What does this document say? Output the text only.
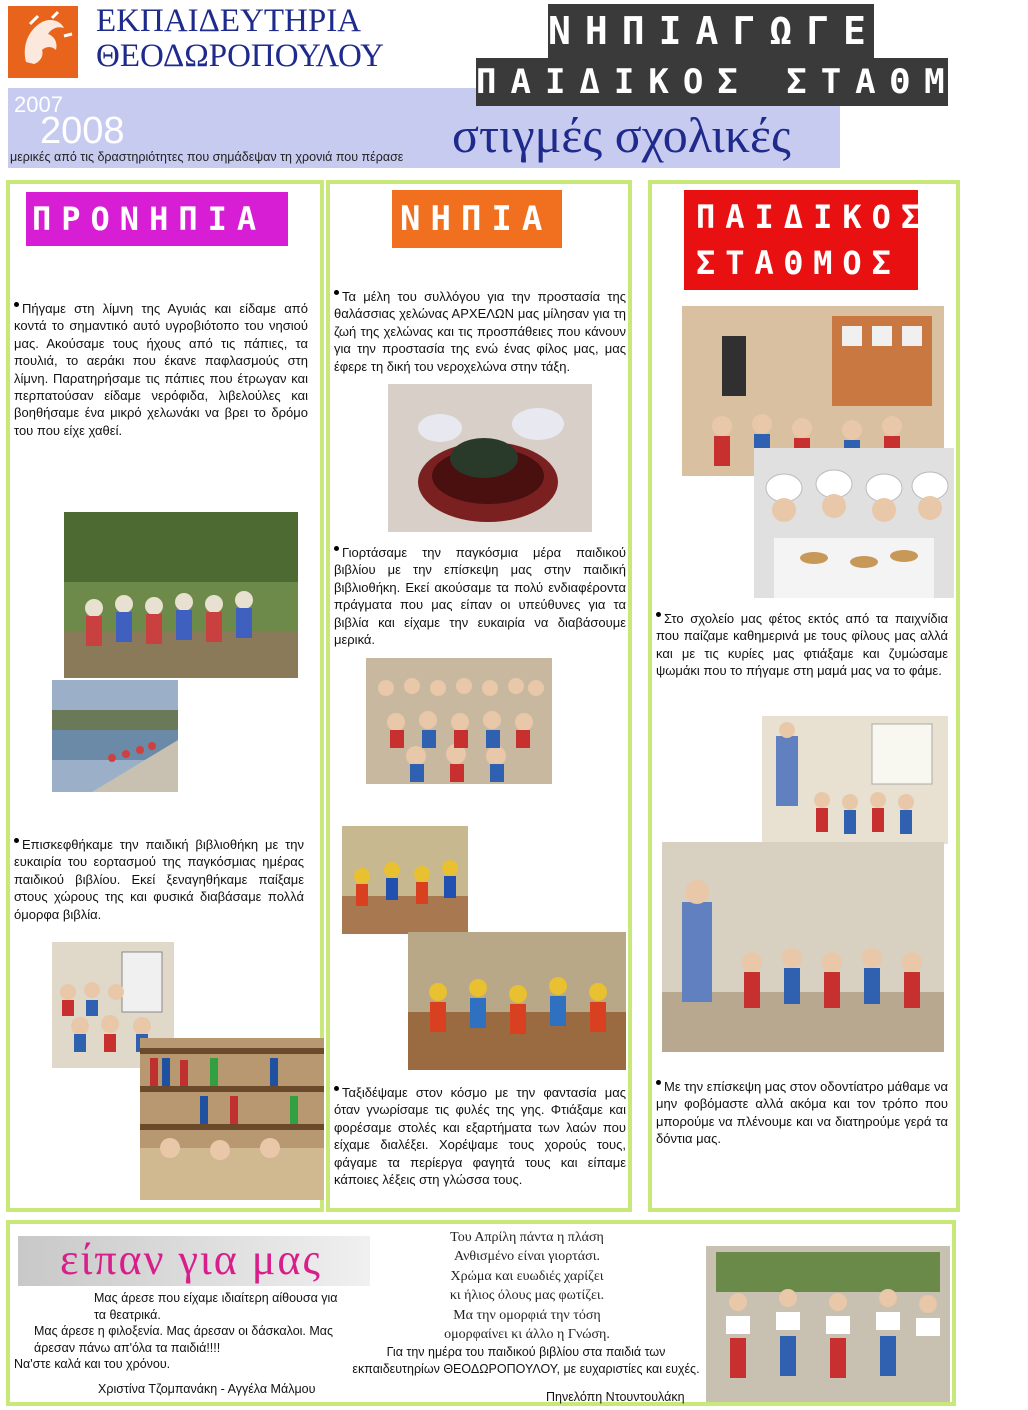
ΕΚΠΑΙΔΕΥΤΗΡΙΑ
ΘΕΟΔΩΡΟΠΟΥΛΟΥ
2007
2008
μερικές από τις δραστηριότητες που σημάδεψαν τη χρονιά που πέρασε στιγμές σχολικές
ΝΗΠΙΑΓΩΓΕΙΟ
ΠΑΙΔΙΚΟΣ ΣΤΑΘΜΟΣ
ΠΡΟΝΗΠΙΑ	ΝΗΠΙΑ	ΠΑΙΔΙΚΟΣ
ΣΤΑΘΜΟΣ
Πήγαμε στη λίμνη της Αγυιάς και είδαμε από κοντά το σημαντικό αυτό υγροβιότοπο του νησιού μας. Ακούσαμε τους ήχους από τις πάπιες, τα πουλιά, το αεράκι που έκανε παφλασμούς στη λίμνη. Παρατηρήσαμε τις πάπιες που έτρωγαν και περπατούσαν είδαμε νερόφιδα, λιβελούλες και βοηθήσαμε ένα μικρό χελωνάκι να βρει το δρόμο του που είχε χαθεί.
Επισκεφθήκαμε την παιδική βιβλιοθήκη με την ευκαιρία του εορτασμού της παγκόσμιας ημέρας παιδικού βιβλίου. Εκεί ξεναγηθήκαμε παίξαμε στους χώρους της και φυσικά διαβάσαμε πολλά όμορφα βιβλία.
Τα μέλη του συλλόγου για την προστασία της θαλάσσιας χελώνας ΑΡΧΕΛΩΝ μας μίλησαν για τη ζωή της χελώνας και τις προσπάθειες που κάνουν για την προστασία της ενώ ένας φίλος μας, μας έφερε τη δική του νεροχελώνα στην τάξη.
Γιορτάσαμε την παγκόσμια μέρα παιδικού βιβλίου με την επίσκεψη μας στην παιδική βιβλιοθήκη. Εκεί ακούσαμε τα πολύ ενδιαφέροντα πράγματα που μας είπαν οι υπεύθυνες για τα βιβλία και είχαμε την ευκαιρία να διαβάσουμε μερικά.
Ταξιδέψαμε στον κόσμο με την φαντασία μας όταν γνωρίσαμε τις φυλές της γης. Φτιάξαμε και φορέσαμε στολές και εξαρτήματα των λαών που είχαμε διαλέξει. Χορέψαμε τους χορούς τους, φάγαμε τα περίεργα φαγητά τους και είπαμε κάποιες λέξεις στη γλώσσα τους.
Στο σχολείο μας φέτος εκτός από τα παιχνίδια που παίζαμε καθημερινά με τους φίλους μας αλλά και με τις κυρίες μας φτιάξαμε και ζυμώσαμε ψωμάκι που το πήγαμε στη μαμά μας να το φάμε.
Με την επίσκεψη μας στον οδοντίατρο μάθαμε να μην φοβόμαστε αλλά ακόμα και τον τρόπο που μπορούμε να πλένουμε και να διατηρούμε γερά τα δόντια μας.
είπαν για μας
Μας άρεσε που είχαμε ιδιαίτερη αίθουσα για τα θεατρικά.
Μας άρεσε η φιλοξενία. Μας άρεσαν οι δάσκαλοι. Μας άρεσαν πάνω απ'όλα τα παιδιά!!!!
Να'στε καλά και του χρόνου.
Χριστίνα Τζομπανάκη - Αγγέλα Μάλμου
Του Απρίλη πάντα η πλάση
Ανθισμένο είναι γιορτάσι.
Χρώμα και ευωδιές χαρίζει
κι ήλιος όλους μας φωτίζει.
Μα την ομορφιά την τόση
ομορφαίνει κι άλλο η Γνώση.
Για την ημέρα του παιδικού βιβλίου στα παιδιά των εκπαιδευτηρίων ΘΕΟΔΩΡΟΠΟΥΛΟΥ, με ευχαριστίες και ευχές.
Πηνελόπη Ντουντουλάκη
